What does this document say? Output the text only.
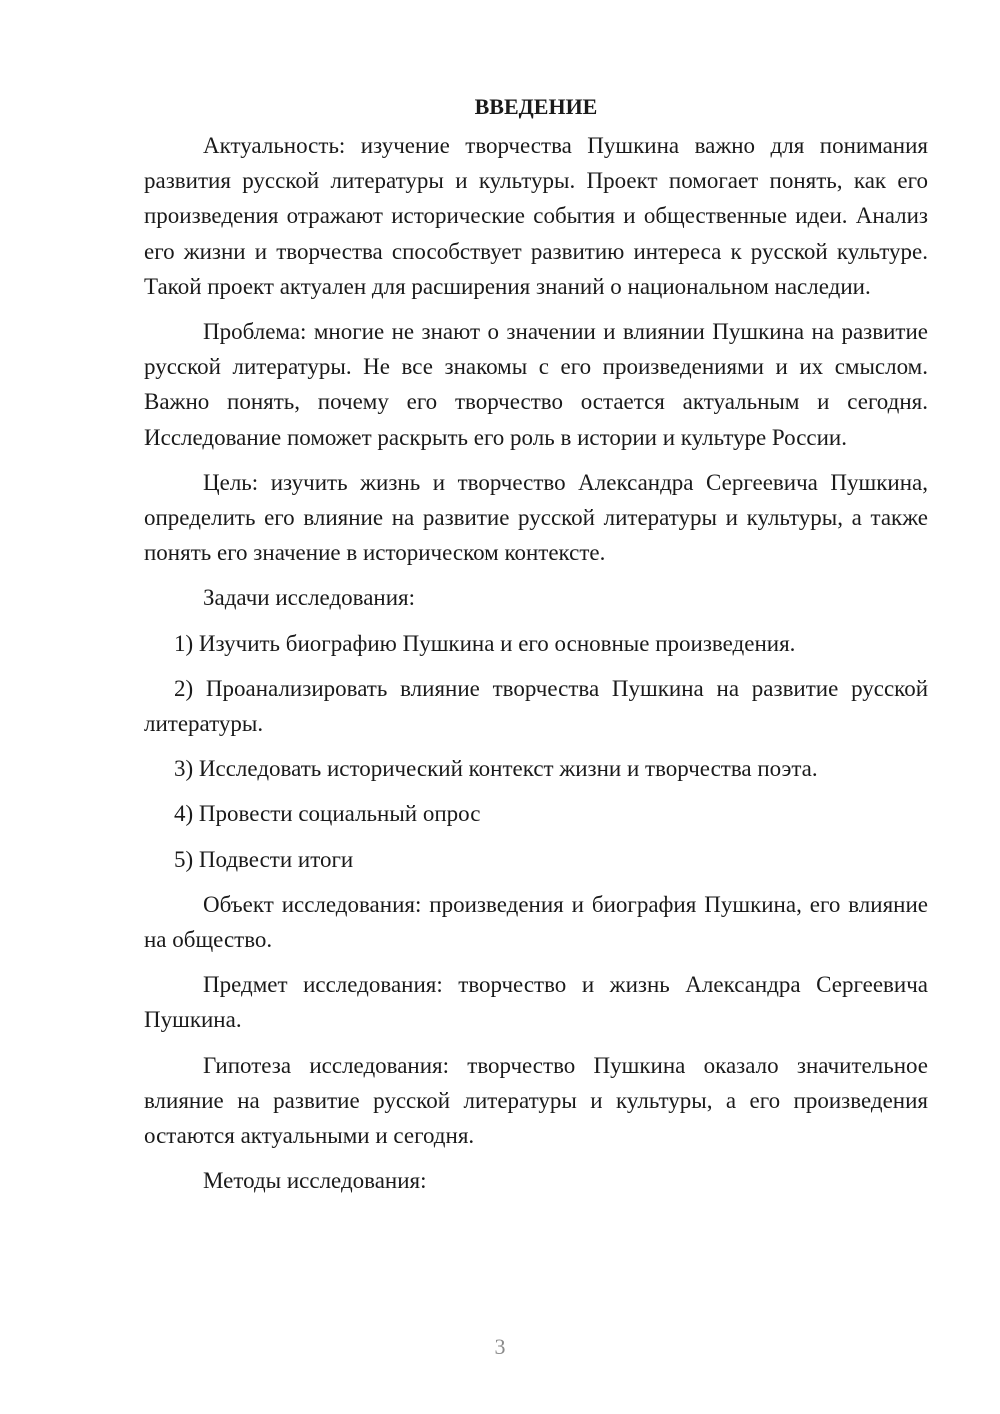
ВВЕДЕНИЕ

Актуальность: изучение творчества Пушкина важно для понимания развития русской литературы и культуры. Проект помогает понять, как его произведения отражают исторические события и общественные идеи. Анализ его жизни и творчества способствует развитию интереса к русской культуре. Такой проект актуален для расширения знаний о национальном наследии.

Проблема: многие не знают о значении и влиянии Пушкина на развитие русской литературы. Не все знакомы с его произведениями и их смыслом. Важно понять, почему его творчество остается актуальным и сегодня. Исследование поможет раскрыть его роль в истории и культуре России.

Цель: изучить жизнь и творчество Александра Сергеевича Пушкина, определить его влияние на развитие русской литературы и культуры, а также понять его значение в историческом контексте.

Задачи исследования:

1) Изучить биографию Пушкина и его основные произведения.

2) Проанализировать влияние творчества Пушкина на развитие русской литературы.

3) Исследовать исторический контекст жизни и творчества поэта.

4) Провести социальный опрос

5) Подвести итоги

Объект исследования: произведения и биография Пушкина, его влияние на общество.

Предмет исследования: творчество и жизнь Александра Сергеевича Пушкина.

Гипотеза исследования: творчество Пушкина оказало значительное влияние на развитие русской литературы и культуры, а его произведения остаются актуальными и сегодня.

Методы исследования:

3
